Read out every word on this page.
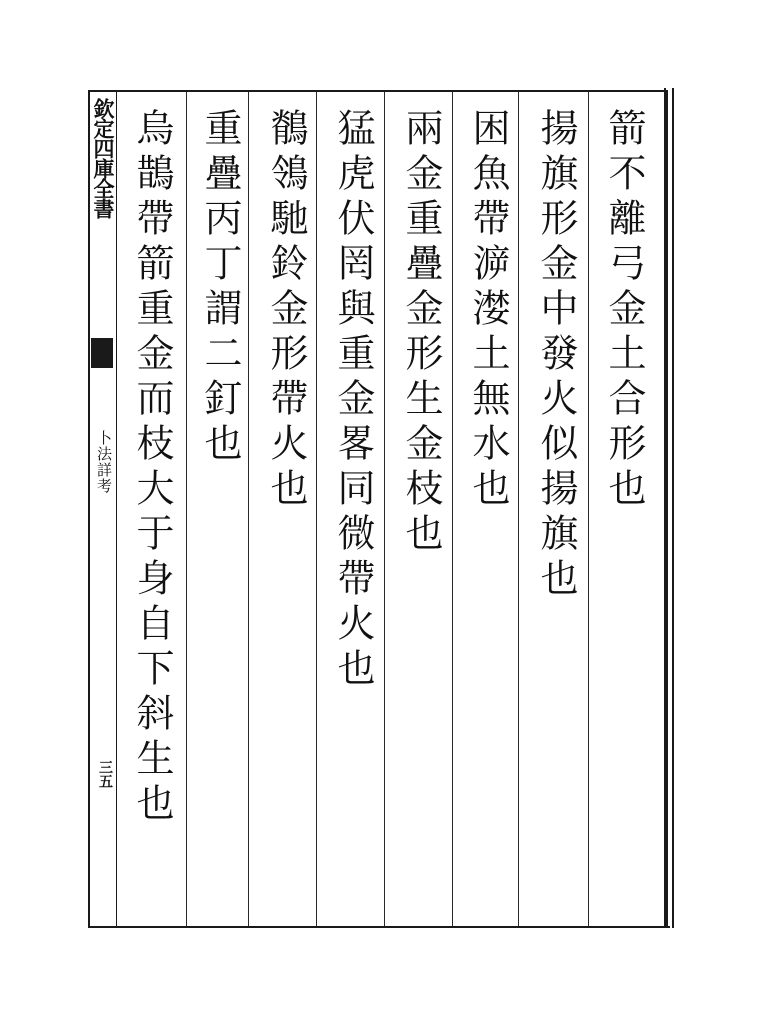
欽定四庫全書
卜法詳考
三五
箭不離弓金土合形也
揚旗形金中發火似揚旗也
困魚帶㴑漤土無水也
兩金重疊金形生金枝也
猛虎伏罔與重金畧同微帶火也
鶺鴒馳鈴金形帶火也
重疊丙丁謂二釘也
烏鵲帶箭重金而枝大于身自下斜生也
